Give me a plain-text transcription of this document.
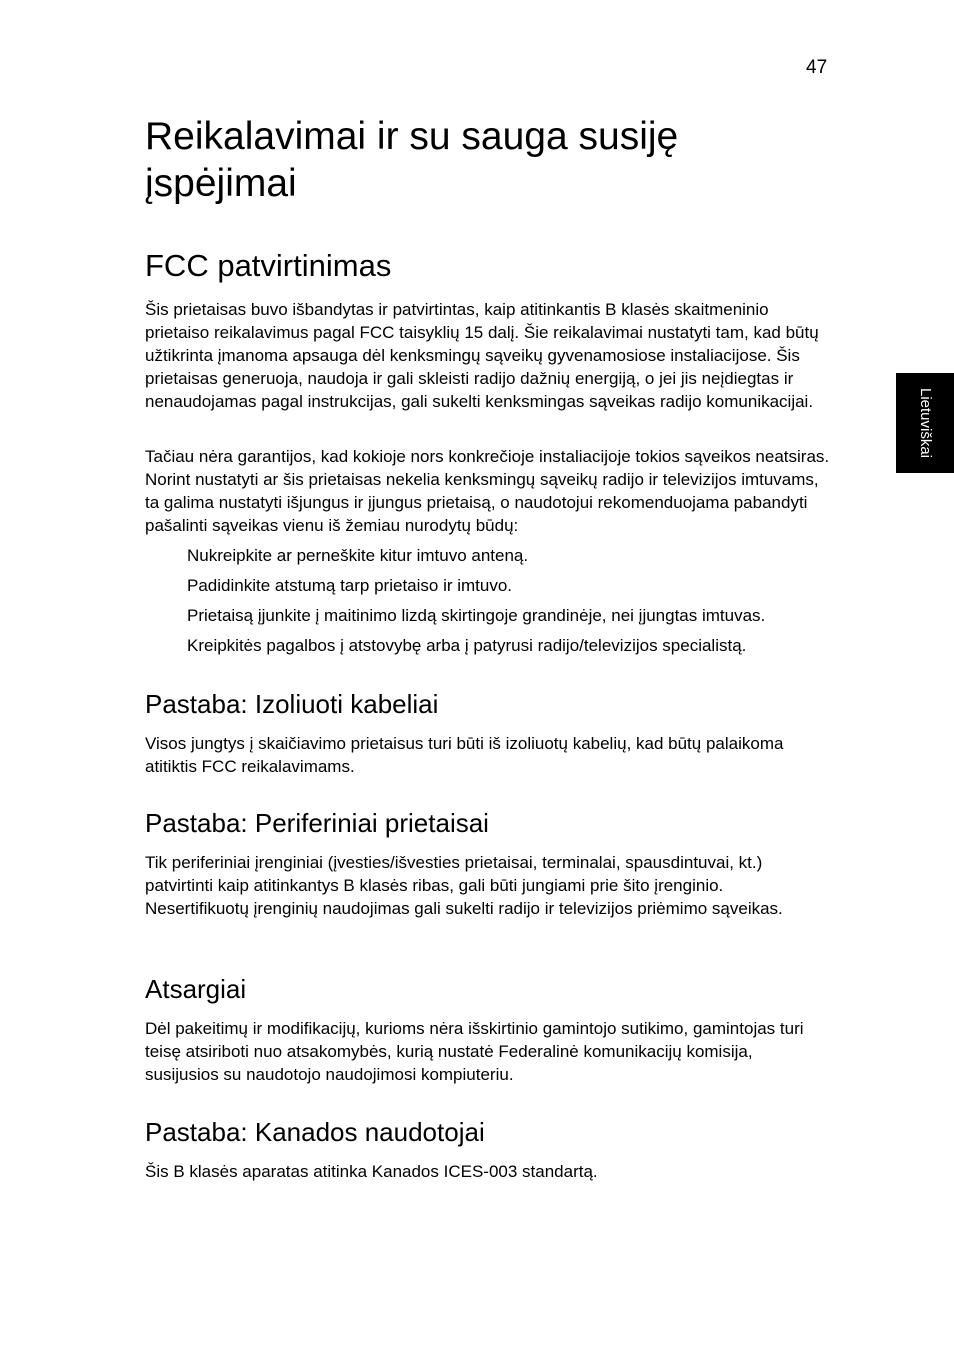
47
Lietuviškai
Reikalavimai ir su sauga susiję įspėjimai
FCC patvirtinimas

Šis prietaisas buvo išbandytas ir patvirtintas, kaip atitinkantis B klasės skaitmeninio prietaiso reikalavimus pagal FCC taisyklių 15 dalį. Šie reikalavimai nustatyti tam, kad būtų užtikrinta įmanoma apsauga dėl kenksmingų sąveikų gyvenamosiose instaliacijose. Šis prietaisas generuoja, naudoja ir gali skleisti radijo dažnių energiją, o jei jis neįdiegtas ir nenaudojamas pagal instrukcijas, gali sukelti kenksmingas sąveikas radijo komunikacijai.

Tačiau nėra garantijos, kad kokioje nors konkrečioje instaliacijoje tokios sąveikos neatsiras. Norint nustatyti ar šis prietaisas nekelia kenksmingų sąveikų radijo ir televizijos imtuvams, ta galima nustatyti išjungus ir įjungus prietaisą, o naudotojui rekomenduojama pabandyti pašalinti sąveikas vienu iš žemiau nurodytų būdų:

Nukreipkite ar perneškite kitur imtuvo anteną.
Padidinkite atstumą tarp prietaiso ir imtuvo.
Prietaisą įjunkite į maitinimo lizdą skirtingoje grandinėje, nei įjungtas imtuvas.
Kreipkitės pagalbos į atstovybę arba į patyrusi radijo/televizijos specialistą.
Pastaba: Izoliuoti kabeliai

Visos jungtys į skaičiavimo prietaisus turi būti iš izoliuotų kabelių, kad būtų palaikoma atitiktis FCC reikalavimams.

Pastaba: Periferiniai prietaisai

Tik periferiniai įrenginiai (įvesties/išvesties prietaisai, terminalai, spausdintuvai, kt.) patvirtinti kaip atitinkantys B klasės ribas, gali būti jungiami prie šito įrenginio. Nesertifikuotų įrenginių naudojimas gali sukelti radijo ir televizijos priėmimo sąveikas.

Atsargiai

Dėl pakeitimų ir modifikacijų, kurioms nėra išskirtinio gamintojo sutikimo, gamintojas turi teisę atsiriboti nuo atsakomybės, kurią nustatė Federalinė komunikacijų komisija, susijusios su naudotojo naudojimosi kompiuteriu.

Pastaba: Kanados naudotojai

Šis B klasės aparatas atitinka Kanados ICES-003 standartą.
